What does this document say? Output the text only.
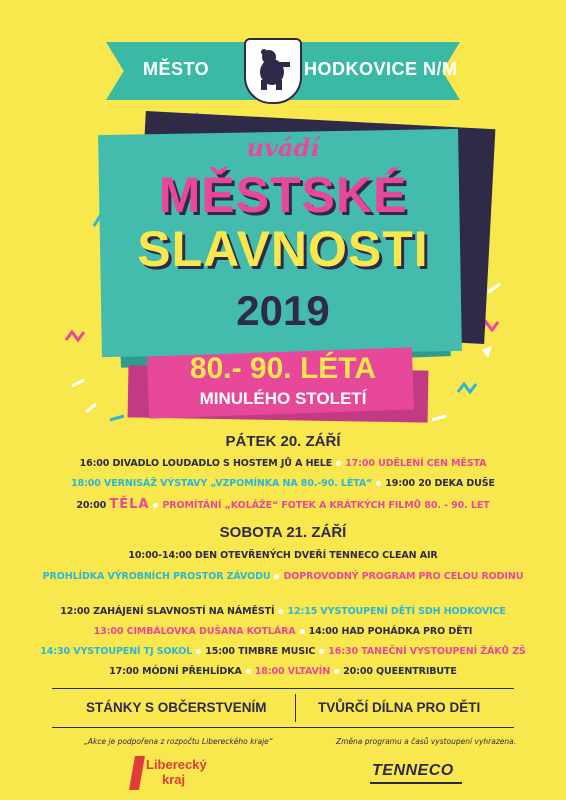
MĚSTO	HODKOVICE N/M
uvádí
MĚSTSKÉ
SLAVNOSTI
2019
80.- 90. LÉTA
MINULÉHO STOLETÍ
PÁTEK 20. ZÁŘÍ
16:00 DIVADLO LOUDADLO S HOSTEM JŮ A HELE 17:00 UDĚLENÍ CEN MĚSTA
18:00 VERNISÁŽ VÝSTAVY „VZPOMÍNKA NA 80.-90. LÉTA“ 19:00 20 DEKA DUŠE
20:00 TĚLA PROMÍTÁNÍ „KOLÁŽE“ FOTEK A KRÁTKÝCH FILMŮ 80. - 90. LET
SOBOTA 21. ZÁŘÍ
10:00-14:00 DEN OTEVŘENÝCH DVEŘÍ TENNECO CLEAN AIR
PROHLÍDKA VÝROBNÍCH PROSTOR ZÁVODU DOPROVODNÝ PROGRAM PRO CELOU RODINU
12:00 ZAHÁJENÍ SLAVNOSTÍ NA NÁMĚSTÍ 12:15 VYSTOUPENÍ DĚTÍ SDH HODKOVICE
13:00 CIMBÁLOVKA DUŠANA KOTLÁRA 14:00 HAD POHÁDKA PRO DĚTI
14:30 VYSTOUPENÍ TJ SOKOL 15:00 TIMBRE MUSIC 16:30 TANEČNÍ VYSTOUPENÍ ŽÁKŮ ZŠ
17:00 MÓDNÍ PŘEHLÍDKA 18:00 VLTAVÍN 20:00 QUEENTRIBUTE
STÁNKY S OBČERSTVENÍM	TVŮRČÍ DÍLNA PRO DĚTI
„Akce je podpořena z rozpočtu Libereckého kraje“	Změna programu a časů vystoupení vyhrazena.
Liberecký
kraj
TENNECO
